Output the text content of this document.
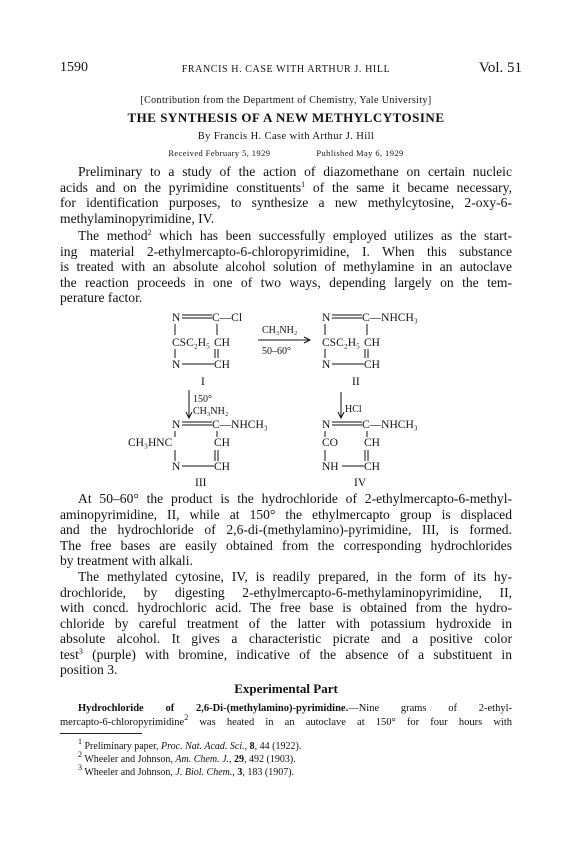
1590	FRANCIS H. CASE WITH ARTHUR J. HILL	Vol. 51
[Contribution from the Department of Chemistry, Yale University]
THE SYNTHESIS OF A NEW METHYLCYTOSINE
By Francis H. Case with Arthur J. Hill
Received February 5, 1929	Published May 6, 1929
Preliminary to a study of the action of diazomethane on certain nucleic
acids and on the pyrimidine constituents$^1$ of the same it became necessary,
for identification purposes, to synthesize a new methylcytosine, 2-oxy-6-
methylaminopyrimidine, IV.
The method$^2$ which has been successfully employed utilizes as the start-
ing material 2-ethylmercapto-6-chloropyrimidine, I. When this substance
is treated with an absolute alcohol solution of methylamine in an autoclave
the reaction proceeds in one of two ways, depending largely on the tem-
perature factor.
N	C—Cl
CSC₂H₅ CH
N	CH
I
CH₃NH₂
50–60°
N	C—NHCH₃
CSC₂H₅ CH
N	CH
II
150°
CH₃NH₂	HCl
N	C—NHCH₃
CH₃HNC	CH
N	CH
III
N	C—NHCH₃
CO CH
NH CH
IV
At 50–60° the product is the hydrochloride of 2-ethylmercapto-6-methyl-
aminopyrimidine, II, while at 150° the ethylmercapto group is displaced
and the hydrochloride of 2,6-di-(methylamino)-pyrimidine, III, is formed.
The free bases are easily obtained from the corresponding hydrochlorides
by treatment with alkali.
The methylated cytosine, IV, is readily prepared, in the form of its hy-
drochloride, by digesting 2-ethylmercapto-6-methylaminopyrimidine, II,
with concd. hydrochloric acid. The free base is obtained from the hydro-
chloride by careful treatment of the latter with potassium hydroxide in
absolute alcohol. It gives a characteristic picrate and a positive color
test$^3$ (purple) with bromine, indicative of the absence of a substituent in
position 3.
Experimental Part
Hydrochloride of 2,6-Di-(methylamino)-pyrimidine.—Nine grams of 2-ethyl-
mercapto-6-chloropyrimidine$^2$ was heated in an autoclave at 150° for four hours with
$^1$ Preliminary paper, Proc. Nat. Acad. Sci., 8, 44 (1922).
$^2$ Wheeler and Johnson, Am. Chem. J., 29, 492 (1903).
$^3$ Wheeler and Johnson, J. Biol. Chem., 3, 183 (1907).
